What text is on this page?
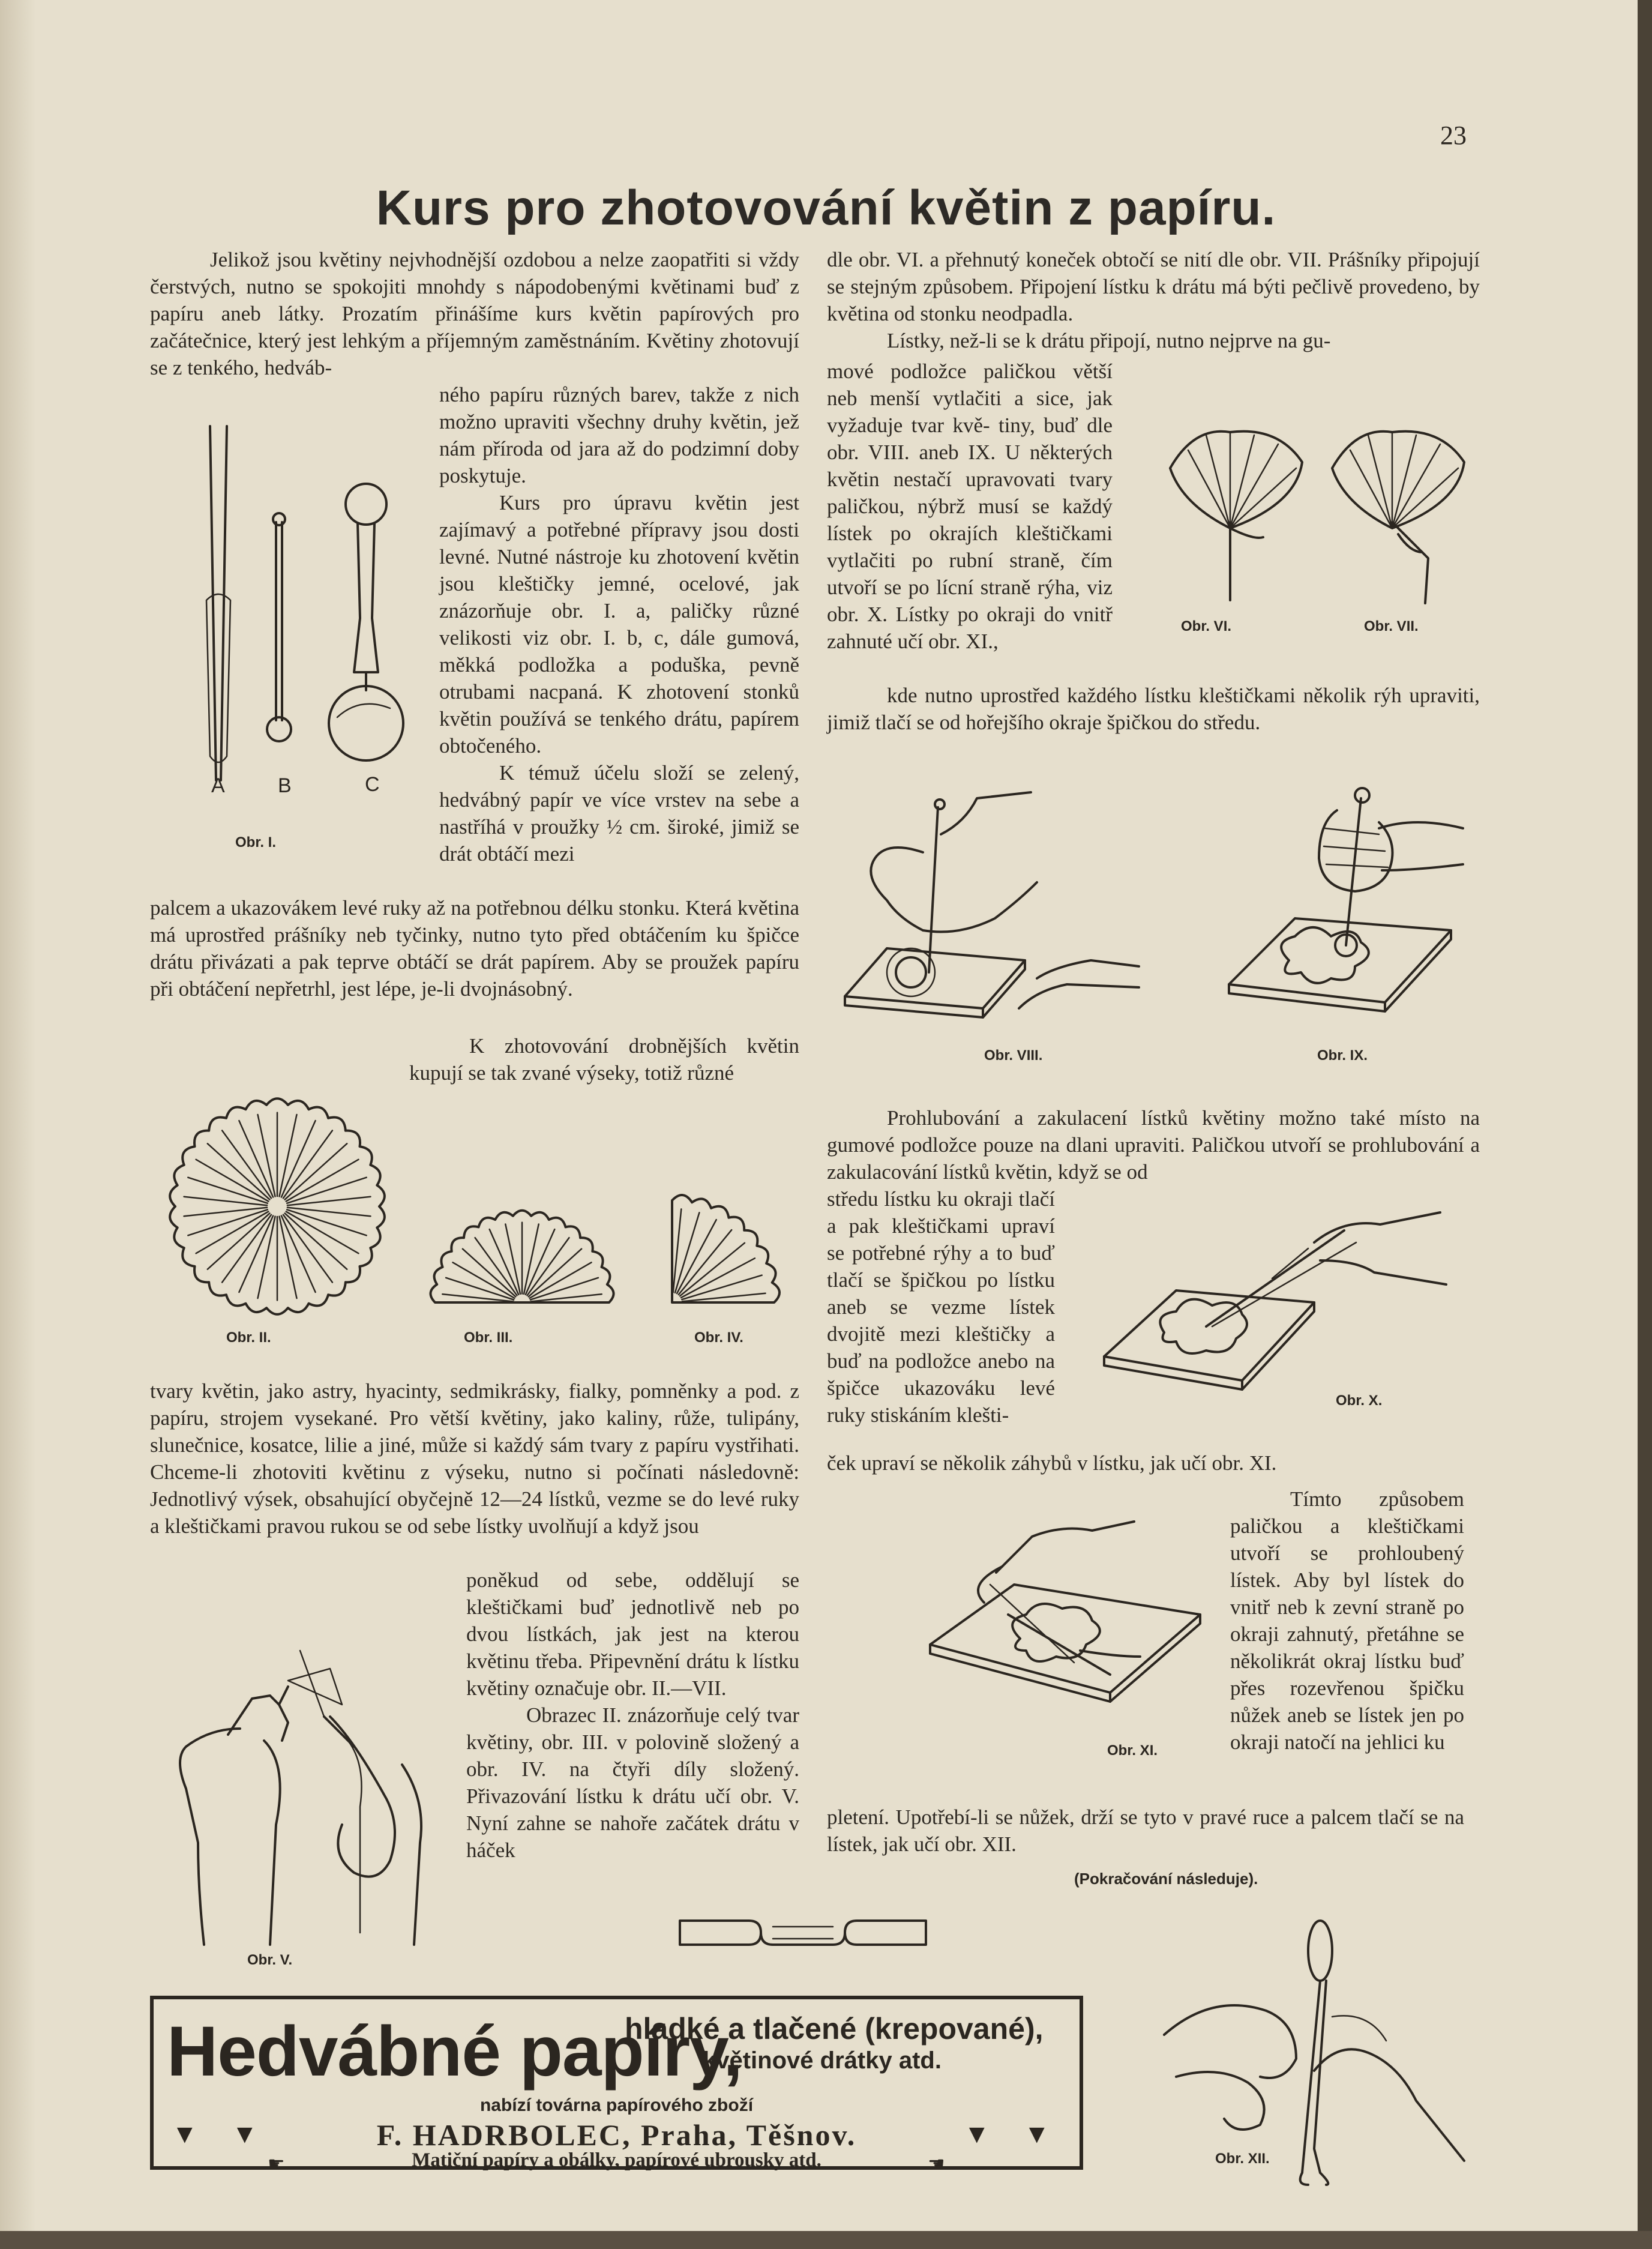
23
Kurs pro zhotovování květin z papíru.

Jelikož jsou květiny nejvhodnější ozdobou a nelze zaopatřiti si vždy čerstvých, nutno se spokojiti mnohdy s nápodobenými květinami buď z papíru aneb látky. Prozatím přinášíme kurs květin papírových pro začátečnice, který jest lehkým a příjemným zaměstnáním. Květiny zhotovují se z tenkého, hedváb-

A	B	C
Obr. I.

ného papíru různých barev, takže z nich možno upraviti všechny druhy květin, jež nám příroda od jara až do podzimní doby poskytuje.

Kurs pro úpravu květin jest zajímavý a potřebné přípravy jsou dosti levné. Nutné nástroje ku zhotovení květin jsou kleštičky jemné, ocelové, jak znázorňuje obr. I. a, paličky různé velikosti viz obr. I. b, c, dále gumová, měkká podložka a poduška, pevně otrubami nacpaná. K zhotovení stonků květin používá se tenkého drátu, papírem obtočeného.

K témuž účelu složí se zelený, hedvábný papír ve více vrstev na sebe a nastříhá v proužky ½ cm. široké, jimiž se drát obtáčí mezi

palcem a ukazovákem levé ruky až na potřebnou délku stonku. Která květina má uprostřed prášníky neb tyčinky, nutno tyto před obtáčením ku špičce drátu přivázati a pak teprve obtáčí se drát papírem. Aby se proužek papíru při obtáčení nepřetrhl, jest lépe, je-li dvojnásobný.

K zhotovování drobnějších květin kupují se tak zvané výseky, totiž různé

Obr. II.	Obr. III.	Obr. IV.

tvary květin, jako astry, hyacinty, sedmikrásky, fialky, pomněnky a pod. z papíru, strojem vysekané. Pro větší květiny, jako kaliny, růže, tulipány, slunečnice, kosatce, lilie a jiné, může si každý sám tvary z papíru vystřihati. Chceme-li zhotoviti květinu z výseku, nutno si počínati následovně: Jednotlivý výsek, obsahující obyčejně 12—24 lístků, vezme se do levé ruky a kleštičkami pravou rukou se od sebe lístky uvolňují a když jsou

poněkud od sebe, oddělují se kleštičkami buď jednotlivě neb po dvou lístkách, jak jest na kterou květinu třeba. Připevnění drátu k lístku květiny označuje obr. II.—VII.

Obrazec II. znázorňuje celý tvar květiny, obr. III. v polovině složený a obr. IV. na čtyři díly složený. Přivazování lístku k drátu učí obr. V. Nyní zahne se nahoře začátek drátu v háček

Obr. V.

dle obr. VI. a přehnutý koneček obtočí se nití dle obr. VII. Prášníky připojují se stejným způsobem. Připojení lístku k drátu má býti pečlivě provedeno, by květina od stonku neodpadla.

Lístky, než-li se k drátu připojí, nutno nejprve na gu-

mové podložce paličkou větší neb menší vytlačiti a sice, jak vyžaduje tvar kvě- tiny, buď dle obr. VIII. aneb IX. U některých květin nestačí upravovati tvary paličkou, nýbrž musí se každý lístek po okrajích kleštičkami vytlačiti po rubní straně, čím utvoří se po lícní straně rýha, viz obr. X. Lístky po okraji do vnitř zahnuté učí obr. XI.,

kde nutno uprostřed každého lístku kleštičkami několik rýh upraviti, jimiž tlačí se od hořejšího okraje špičkou do středu.

Obr. VI.	Obr. VII.
Obr. VIII.	Obr. IX.

Prohlubování a zakulacení lístků květiny možno také místo na gumové podložce pouze na dlani upraviti. Paličkou utvoří se prohlubování a zakulacování lístků květin, když se od

středu lístku ku okraji tlačí a pak kleštičkami upraví se potřebné rýhy a to buď tlačí se špičkou po lístku aneb se vezme lístek dvojitě mezi kleštičky a buď na podložce anebo na špičce ukazováku levé ruky stiskáním klešti-

ček upraví se několik záhybů v lístku, jak učí obr. XI.

Obr. X.
Obr. XI.

Tímto způsobem paličkou a kleštičkami utvoří se prohloubený lístek. Aby byl lístek do vnitř neb k zevní straně po okraji zahnutý, přetáhne se několikrát okraj lístku buď přes rozevřenou špičku nůžek aneb se lístek jen po okraji natočí na jehlici ku

pletení. Upotřebí-li se nůžek, drží se tyto v pravé ruce a palcem tlačí se na lístek, jak učí obr. XII.

(Pokračování následuje).
Obr. XII.
Hedvábné papíry,
hladké a tlačené (krepované),
květinové drátky atd.
nabízí továrna papírového zboží
▼ ▼	F. HADRBOLEC, Praha, Těšnov.	▼ ▼
☛	Matiční papíry a obálky, papírové ubrousky atd.	☚
